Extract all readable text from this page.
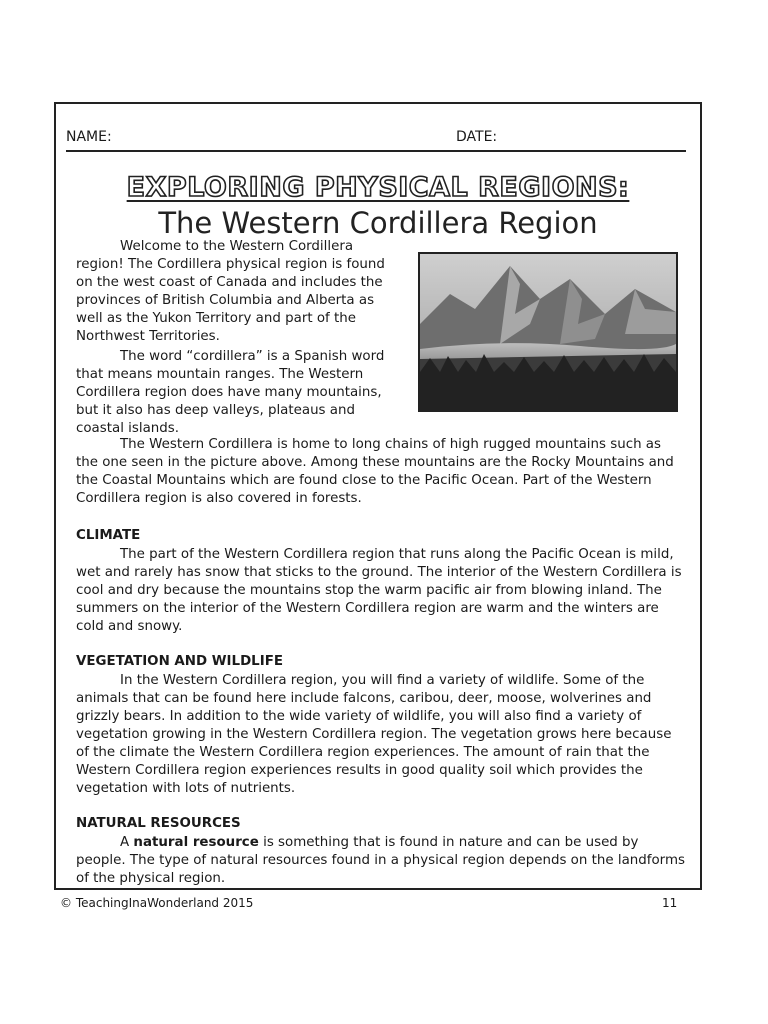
NAME:	DATE:
EXPLORING PHYSICAL REGIONS:
The Western Cordillera Region

Welcome to the Western Cordillera region! The Cordillera physical region is found on the west coast of Canada and includes the provinces of British Columbia and Alberta as well as the Yukon Territory and part of the Northwest Territories.

The word “cordillera” is a Spanish word that means mountain ranges. The Western Cordillera region does have many mountains, but it also has deep valleys, plateaus and coastal islands.

The Western Cordillera is home to long chains of high rugged mountains such as the one seen in the picture above. Among these mountains are the Rocky Mountains and the Coastal Mountains which are found close to the Pacific Ocean. Part of the Western Cordillera region is also covered in forests.

CLIMATE

The part of the Western Cordillera region that runs along the Pacific Ocean is mild, wet and rarely has snow that sticks to the ground. The interior of the Western Cordillera is cool and dry because the mountains stop the warm pacific air from blowing inland. The summers on the interior of the Western Cordillera region are warm and the winters are cold and snowy.

VEGETATION AND WILDLIFE

In the Western Cordillera region, you will find a variety of wildlife. Some of the animals that can be found here include falcons, caribou, deer, moose, wolverines and grizzly bears. In addition to the wide variety of wildlife, you will also find a variety of vegetation growing in the Western Cordillera region. The vegetation grows here because of the climate the Western Cordillera region experiences. The amount of rain that the Western Cordillera region experiences results in good quality soil which provides the vegetation with lots of nutrients.

NATURAL RESOURCES

A natural resource is something that is found in nature and can be used by people. The type of natural resources found in a physical region depends on the landforms of the physical region.

© TeachingInaWonderland 2015	11
